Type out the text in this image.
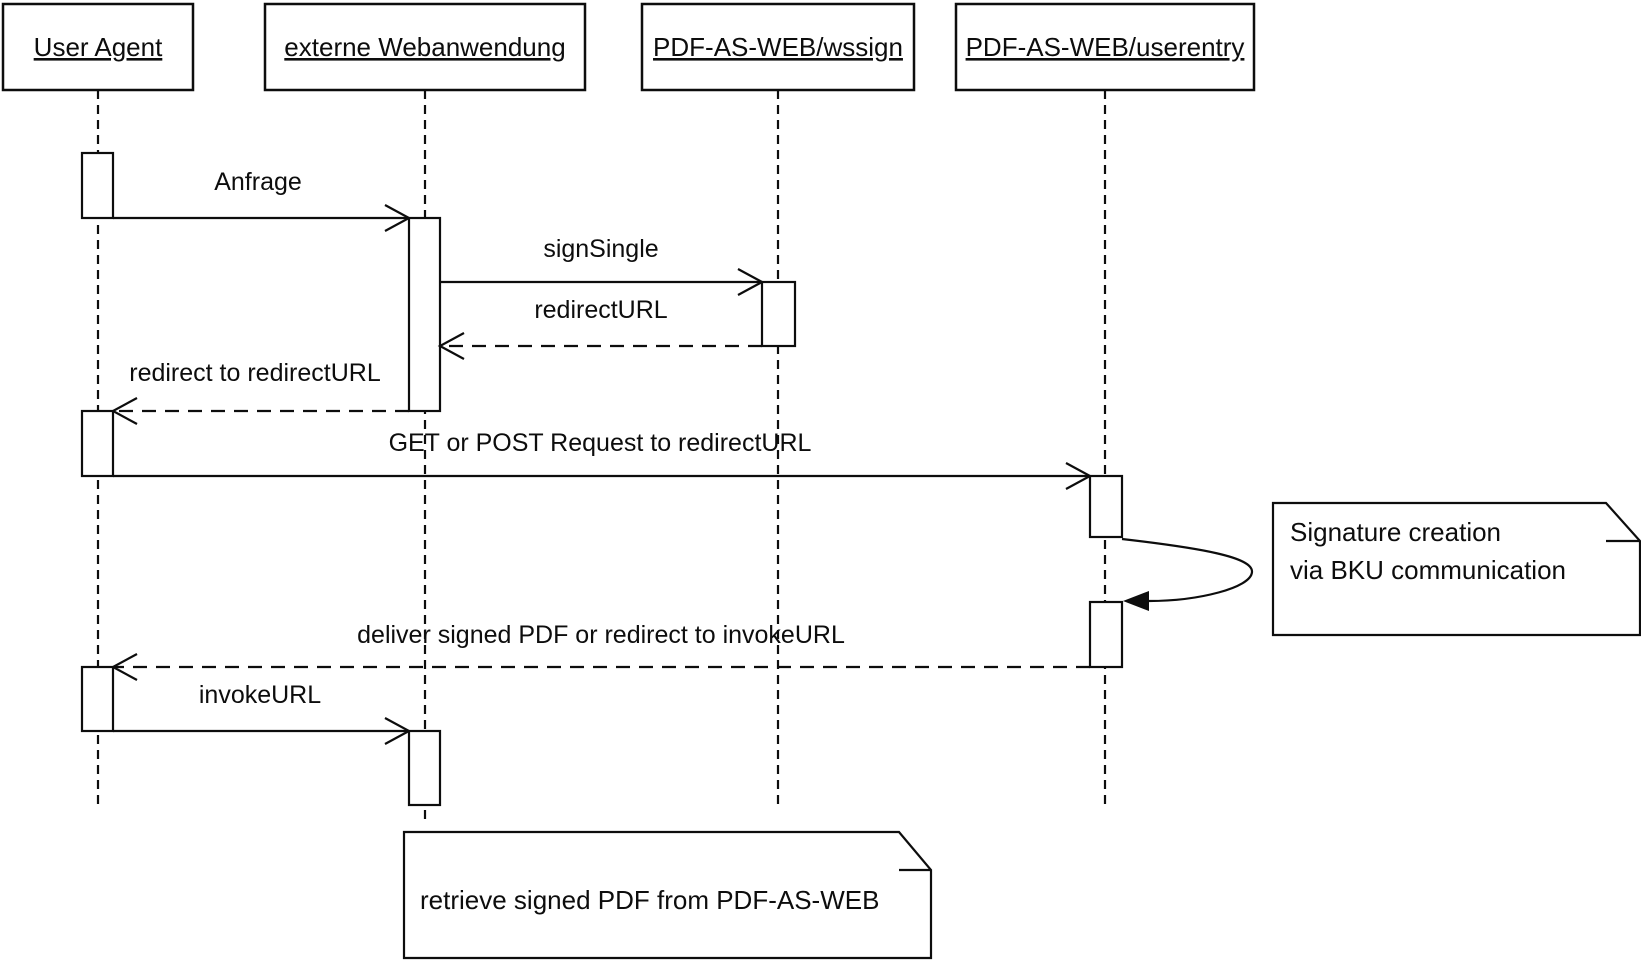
User Agent	externe Webanwendung	PDF-AS-WEB/wssign PDF-AS-WEB/userentry
Anfrage
signSingle
redirectURL
redirect to redirectURL
GET or POST Request to redirectURL
deliver signed PDF or redirect to invokeURL
invokeURL
Signature creation
via BKU communication
retrieve signed PDF from PDF-AS-WEB
